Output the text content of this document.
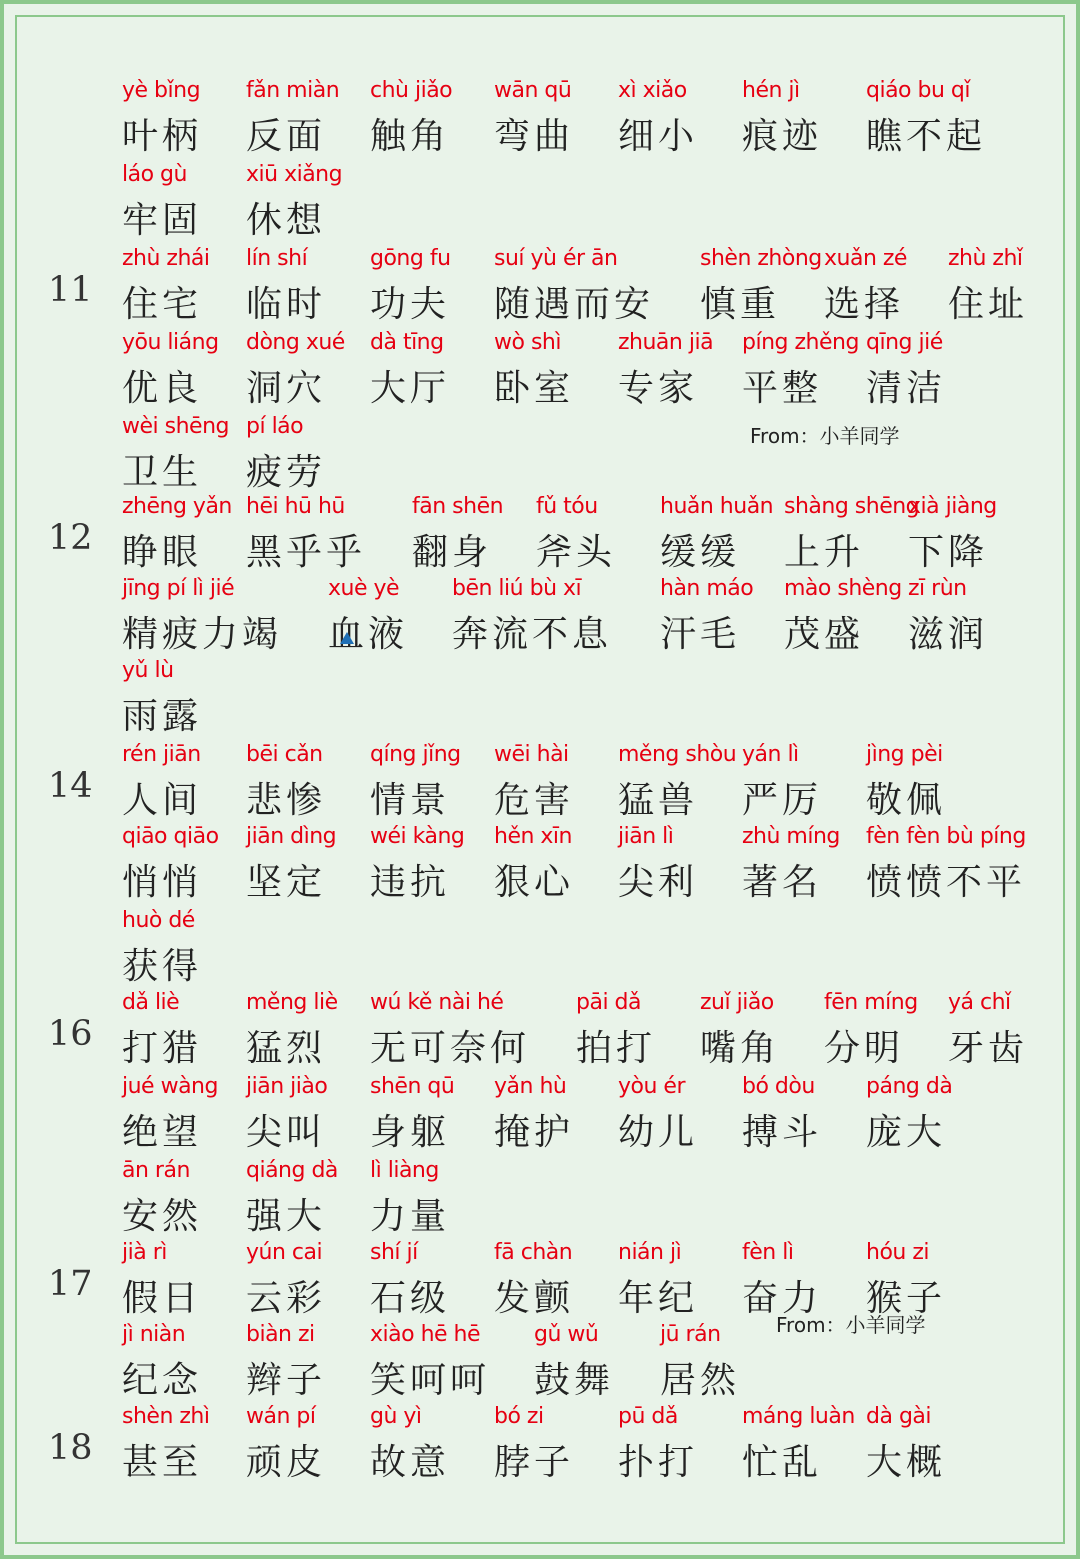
yè bǐng
叶柄
fǎn miàn
反面
chù jiǎo
触角
wān qū
弯曲
xì xiǎo
细小
hén jì
痕迹
qiáo bu qǐ
瞧不起
láo gù
牢固
xiū xiǎng
休想
11
zhù zhái
住宅
lín shí
临时
gōng fu
功夫
suí yù ér ān
随遇而安
shèn zhòng
慎重
xuǎn zé
选择
zhù zhǐ
住址
yōu liáng
优良
dòng xué
洞穴
dà tīng
大厅
wò shì
卧室
zhuān jiā
专家
píng zhěng
平整
qīng jié
清洁
wèi shēng
卫生
pí láo
疲劳
12
zhēng yǎn
睁眼
hēi hū hū
黑乎乎
fān shēn
翻身
fǔ tóu
斧头
huǎn huǎn
缓缓
shàng shēng
上升
xià jiàng
下降
jīng pí lì jié
精疲力竭
xuè yè
血液
bēn liú bù xī
奔流不息
hàn máo
汗毛
mào shèng
茂盛
zī rùn
滋润
yǔ lù
雨露
14
rén jiān
人间
bēi cǎn
悲惨
qíng jǐng
情景
wēi hài
危害
měng shòu
猛兽
yán lì
严厉
jìng pèi
敬佩
qiāo qiāo
悄悄
jiān dìng
坚定
wéi kàng
违抗
hěn xīn
狠心
jiān lì
尖利
zhù míng
著名
fèn fèn bù píng
愤愤不平
huò dé
获得
16
dǎ liè
打猎
měng liè
猛烈
wú kě nài hé
无可奈何
pāi dǎ
拍打
zuǐ jiǎo
嘴角
fēn míng
分明
yá chǐ
牙齿
jué wàng
绝望
jiān jiào
尖叫
shēn qū
身躯
yǎn hù
掩护
yòu ér
幼儿
bó dòu
搏斗
páng dà
庞大
ān rán
安然
qiáng dà
强大
lì liàng
力量
17
jià rì
假日
yún cai
云彩
shí jí
石级
fā chàn
发颤
nián jì
年纪
fèn lì
奋力
hóu zi
猴子
jì niàn
纪念
biàn zi
辫子
xiào hē hē
笑呵呵
gǔ wǔ
鼓舞
jū rán
居然
18
shèn zhì
甚至
wán pí
顽皮
gù yì
故意
bó zi
脖子
pū dǎ
扑打
máng luàn
忙乱
dà gài
大概
From：小羊同学
From：小羊同学
